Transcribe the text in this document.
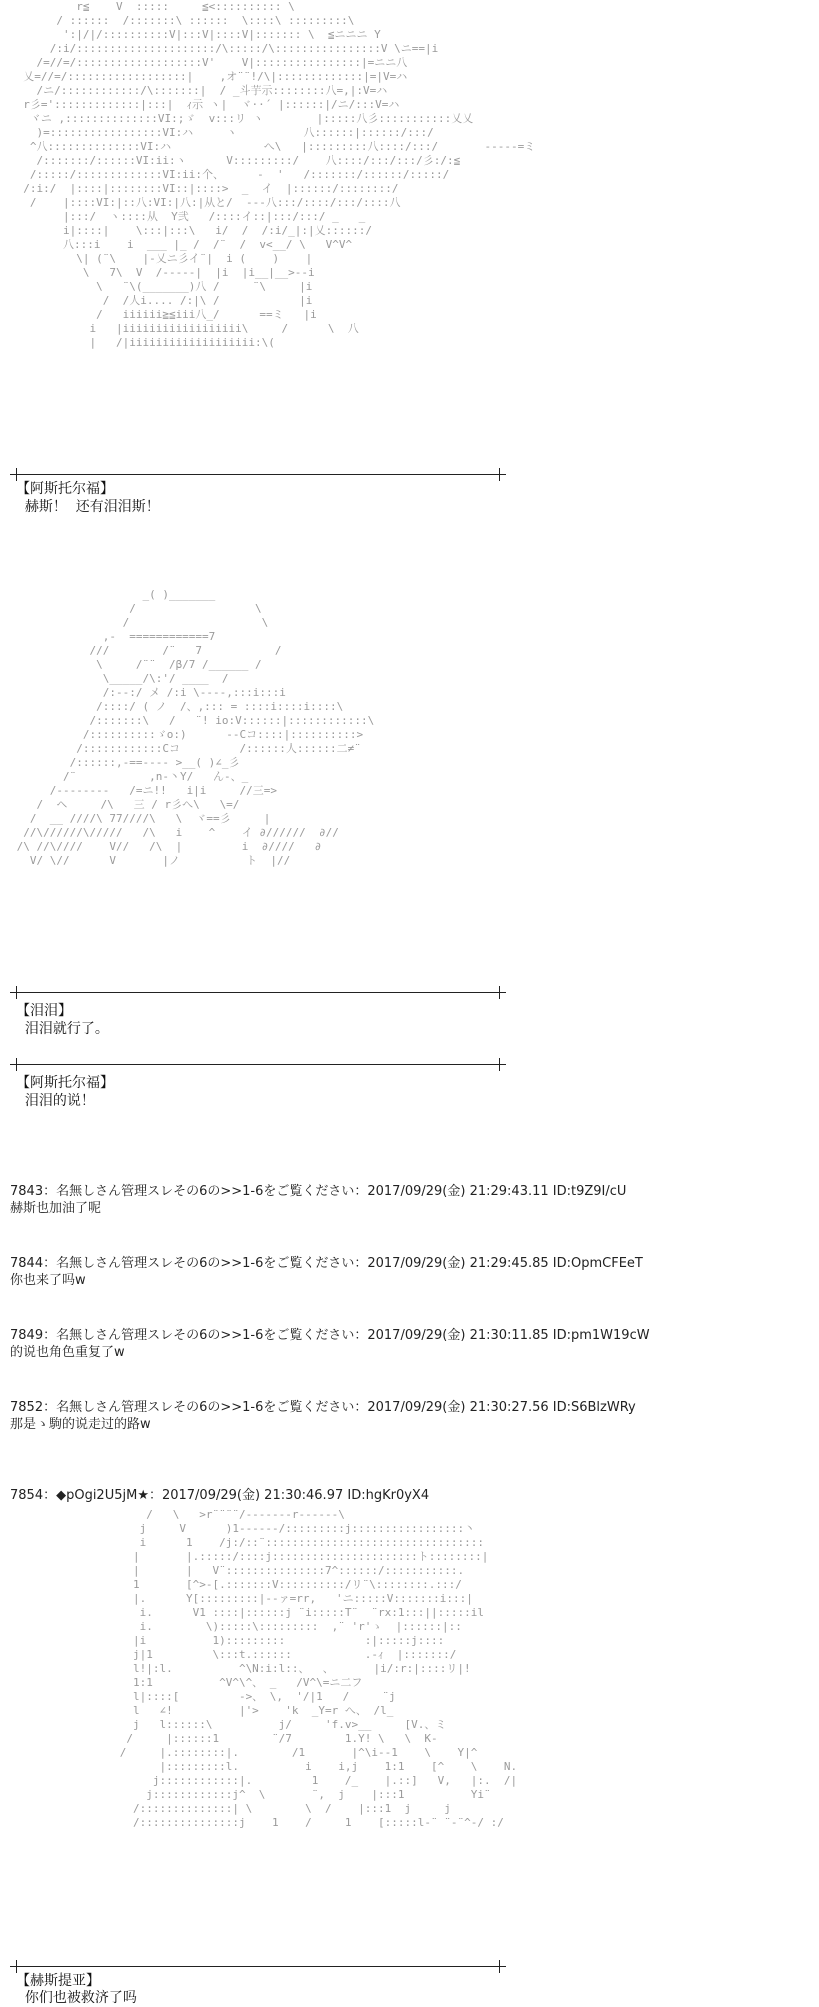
r≦    V  :::::     ≦<:::::::::: \
/ ::::::  /:::::::\ ::::::  \::::\ :::::::::\
':|/|/::::::::::V|:::V|::::V|::::::: \  ≦ニニニ Y
/:i/:::::::::::::::::::::/\:::::/\::::::::::::::::V \ニ==|i
/=//=/:::::::::::::::::::V'    V|::::::::::::::::|=ニニ八
乂=//=/::::::::::::::::::|    ,オ¨¨!/\|:::::::::::::|=|V=ハ
/ニ/::::::::::::/\:::::::|  / _斗芋示::::::::八=,|:V=ハ
r彡=':::::::::::::|:::|  ｨ示 ヽ|  ヾ··´ |::::::|/ニ/:::V=ハ
ヾニ ,::::::::::::::VI:;ゞ  v:::リ ヽ        |:::::八彡:::::::::::乂乂
)=:::::::::::::::::VI:ハ     ヽ          八::::::|::::::/:::/
^八::::::::::::::VI:ハ              へ\   |:::::::::八::::/:::/       -----=ミ
/:::::::/::::::VI:ii:ヽ      V:::::::::/    八::::/:::/:::/彡:/:≦
/:::::/:::::::::::::VI:ii:个、     -  '   /:::::::/::::::/:::::/
/:i:/  |::::|::::::::VI::|::::>  _  イ  |::::::/::::::::/
/    |::::VI:|::八:VI:|八:|从と/  ---八:::/::::/:::/::::八
|:::/  ヽ::::从  Y弐   /::::イ::|:::/:::/ _   _
i|::::|    \:::|:::\   i/  /  /:i/_|:|乂::::::/
八:::i    i  ___ |_ /  /¨  /  v<__/ \   V^V^
\| (¨\    |-乂ニ彡イ¨|  i (    )    |
\   7\  V  /-----|  |i  |i__|__>--i
\   ¨\(_______)八 /     ¨\     |i
/  /人i.... /:|\ /            |i
/   iiiiii≧≦iii八_/      ==ミ   |i
i   |iiiiiiiiiiiiiiiiii\     /      \  八
|   /|iiiiiiiiiiiiiiiiiii:\(
【阿斯托尔福】
赫斯！  还有泪泪斯！
_( )_______
/                  \
/                    \
,-  ============7
///        /¨   7           /
\     /¨¨  /β/7 /______ /
\_____/\:'/ ____  /
/:--:/ メ /:i \----,:::i:::i
/::::/ ( ノ  /、,::: = ::::i::::i::::\
/:::::::\   /   ¨! io:V::::::|::::::::::::\
/::::::::::ゞo:)      --Cコ::::|::::::::::>
/::::::::::::Cコ         /::::::人::::::二≠¨
/::::::,-==---- >__( )∠_彡
/¨           ,n-丶Y/   ん-、_
/--------   /=ニ!!   i|i     //三=>
/  ヘ     /\   三 / r彡へ\   \=/
/  __ ////\ 77////\   \  ヾ==彡     |
//\//////\/////   /\   i    ^    イ ∂//////  ∂//
/\ //\////    V//   /\  |         i  ∂////   ∂
V/ \//      V       |ノ          ト  |//
【泪泪】
泪泪就行了。
【阿斯托尔福】
泪泪的说！
7843：名無しさん管理スレその6の>>1-6をご覧ください：2017/09/29(金) 21:29:43.11 ID:t9Z9I/cU
赫斯也加油了呢
7844：名無しさん管理スレその6の>>1-6をご覧ください：2017/09/29(金) 21:29:45.85 ID:OpmCFEeT
你也来了吗w
7849：名無しさん管理スレその6の>>1-6をご覧ください：2017/09/29(金) 21:30:11.85 ID:pm1W19cW
的说也角色重复了w
7852：名無しさん管理スレその6の>>1-6をご覧ください：2017/09/29(金) 21:30:27.56 ID:S6BlzWRy
那是ゝ駒的说走过的路w
7854：◆pOgi2U5jM★：2017/09/29(金) 21:30:46.97 ID:hgKr0yX4
/   \   >r¨¨¨¨/-------r------\
j     V      )1------/:::::::::j:::::::::::::::::丶
i      1    /j:/::¨:::::::::::::::::::::::::::::::::
|       |.:::::/::::j::::::::::::::::::::::ト::::::::|
|       |   V¨:::::::::::::::7^::::::/:::::::::::.
1       [^>-[.:::::::V::::::::::/リ¨\::::::::.:::/
|.      Y[:::::::::|--ァ=rr,   'ニ:::::V:::::::i:::|
i.      V1 ::::|::::::j ¨i:::::T¨  ¨rx:1:::||:::::il
i.        \):::::\:::::::::  ,¨ 'r'ゝ  |::::::|::
|i          1):::::::::            :|:::::j::::
j|1         \:::t.::::::           .-ｨ  |:::::::/
l!|:l.          ^\N:i:l::、  、      |i/:r:|::::リ|!
1:1          ^V^\^、 _   /V^\=ニ二フ
l|::::[         ->、 \,  '/|1   /     ¨j
l   ∠!          |'>    'k  _Y=r へ、 /l_
j   l::::::\          j/     'f.v>__     [V.、ミ
/     |::::::1        ¨/7        1.Y! \   \  K-
/     |.::::::::|.        /1       |^\i--1    \    Y|^
|:::::::::l.          i    i,j    1:1    [^    \    N.
j::::::::::::|.         1    /_    |.::]   V,   |:.  /|
j::::::::::::j^  \       ¨,  j    |:::1          Yi¨
/::::::::::::::| \        \  /    |:::1  j     j
/:::::::::::::::j    1    /     1    [:::::l-¨ ¨-¨^-/ :/
【赫斯提亚】
你们也被救济了吗
